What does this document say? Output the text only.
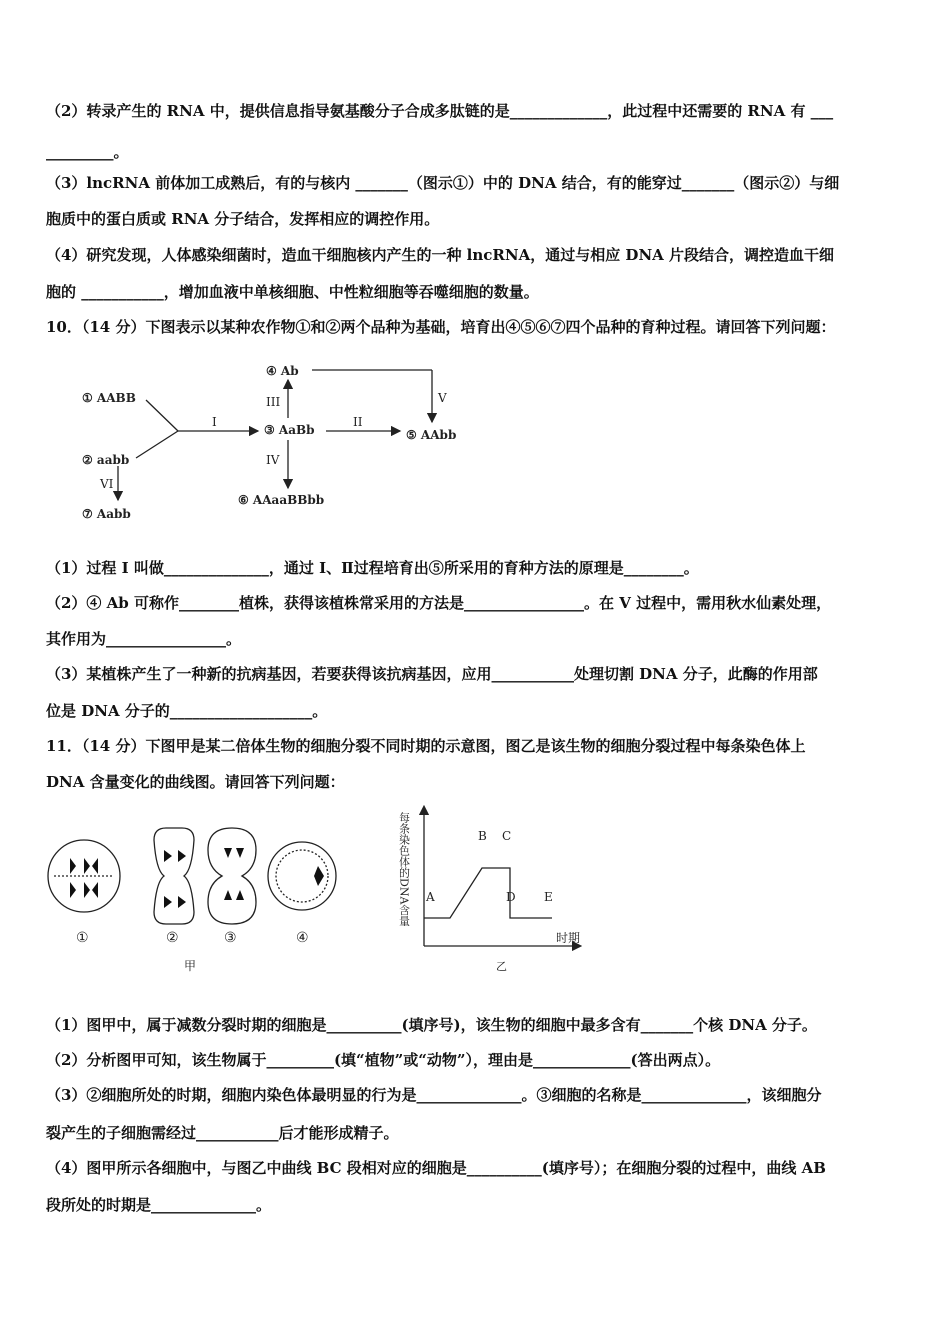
（2）转录产生的 RNA 中，提供信息指导氨基酸分子合成多肽链的是_____________，此过程中还需要的 RNA 有 ___
_________。
（3）lncRNA 前体加工成熟后，有的与核内 _______（图示①）中的 DNA 结合，有的能穿过_______（图示②）与细
胞质中的蛋白质或 RNA 分子结合，发挥相应的调控作用。
（4）研究发现，人体感染细菌时，造血干细胞核内产生的一种 lncRNA，通过与相应 DNA 片段结合，调控造血干细
胞的 ___________，增加血液中单核细胞、中性粒细胞等吞噬细胞的数量。
10．（14 分）下图表示以某种农作物①和②两个品种为基础，培育出④⑤⑥⑦四个品种的育种过程。请回答下列问题：
① AABB
② aabb
④ Ab
③ AaBb	⑤ AAbb
⑥ AAaaBBbb
⑦ Aabb
I	II
III
IV
V
VI
（1）过程 I 叫做______________，通过 I、Ⅱ过程培育出⑤所采用的育种方法的原理是________。
（2）④ Ab 可称作________植株，获得该植株常采用的方法是________________。在 V 过程中，需用秋水仙素处理，
其作用为________________。
（3）某植株产生了一种新的抗病基因，若要获得该抗病基因，应用___________处理切割 DNA 分子，此酶的作用部
位是 DNA 分子的___________________。
11．（14 分）下图甲是某二倍体生物的细胞分裂不同时期的示意图，图乙是该生物的细胞分裂过程中每条染色体上
DNA 含量变化的曲线图。请回答下列问题：
①	②	③	④
甲
每条染色体的DNA含量 A
B C
D E
时期
乙
（1）图甲中，属于减数分裂时期的细胞是__________(填序号)，该生物的细胞中最多含有_______个核 DNA 分子。
（2）分析图甲可知，该生物属于_________(填“植物”或“动物”），理由是_____________(答出两点）。
（3）②细胞所处的时期，细胞内染色体最明显的行为是______________。③细胞的名称是______________，该细胞分
裂产生的子细胞需经过___________后才能形成精子。
（4）图甲所示各细胞中，与图乙中曲线 BC 段相对应的细胞是__________(填序号）；在细胞分裂的过程中，曲线 AB
段所处的时期是______________。
